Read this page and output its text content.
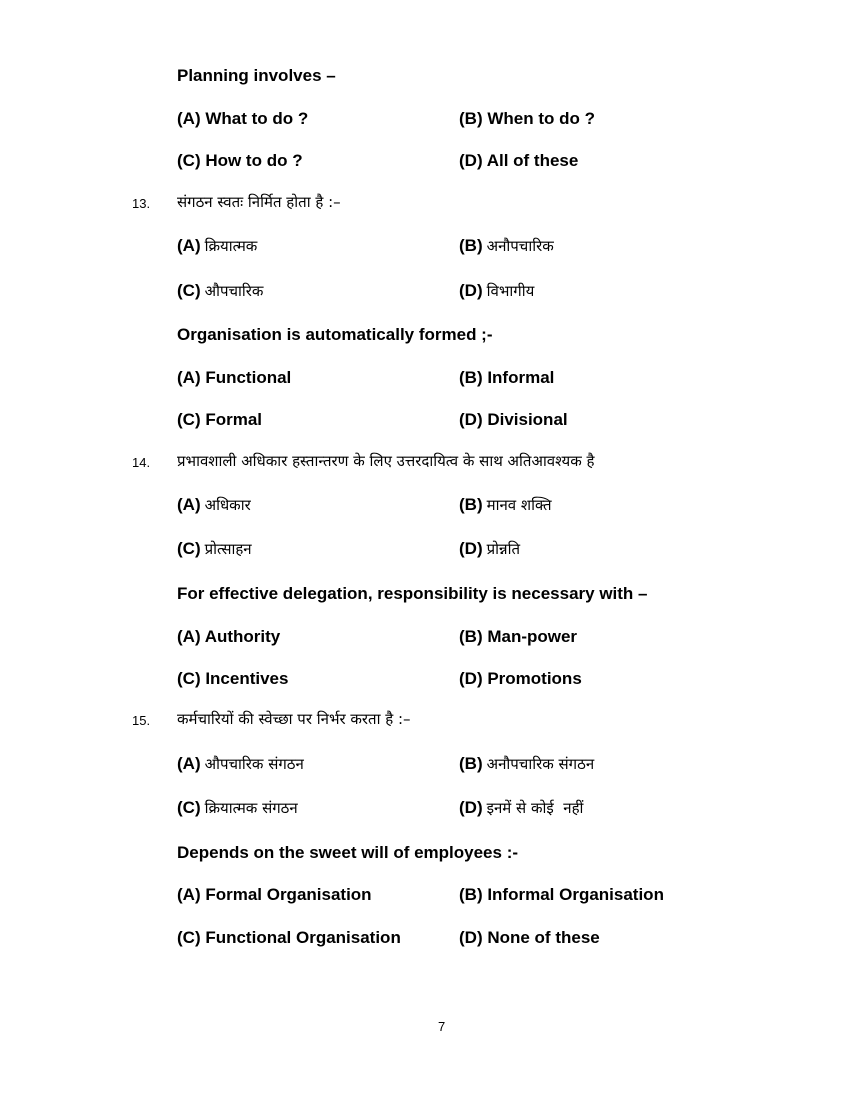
Planning involves –
(A) What to do ?	(B) When to do ?
(C) How to do ?	(D) All of these
13. संगठन स्वतः निर्मित होता है :–
(A) क्रियात्मक	(B) अनौपचारिक
(C) औपचारिक	(D) विभागीय
Organisation is automatically formed ;-
(A) Functional	(B) Informal
(C) Formal	(D) Divisional
14. प्रभावशाली अधिकार हस्तान्तरण के लिए उत्तरदायित्व के साथ अतिआवश्यक है
(A) अधिकार	(B) मानव शक्ति
(C) प्रोत्साहन	(D) प्रोन्नति
For effective delegation, responsibility is necessary with –
(A) Authority	(B) Man-power
(C) Incentives	(D) Promotions
15. कर्मचारियों की स्वेच्छा पर निर्भर करता है :–
(A) औपचारिक संगठन	(B) अनौपचारिक संगठन
(C) क्रियात्मक संगठन	(D) इनमें से कोई  नहीं
Depends on the sweet will of employees :-
(A) Formal Organisation	(B) Informal Organisation
(C) Functional Organisation	(D) None of these
7
